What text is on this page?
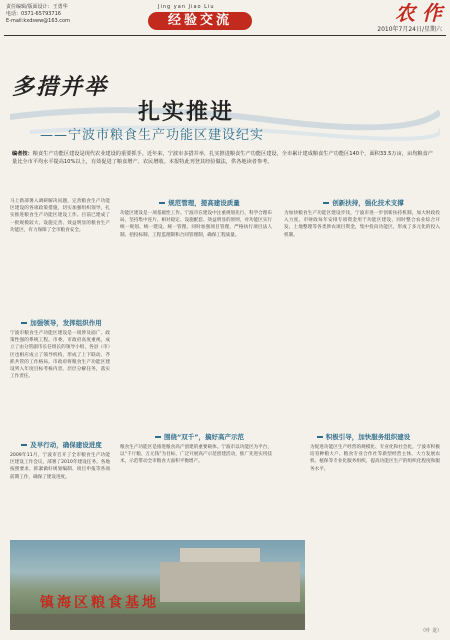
责任编辑/版面设计：王勇华
电话：0371-65793716
E-mail:kxdsww@163.com
Jing yan Jiao Liu
经验交流	农 作
2010年7月24日/星期六
多措并举
扎实推进
——宁波市粮食生产功能区建设纪实
编者按：粮食生产功能区建设是现代农业建设的重要抓手。近年来，宁波市多措并举，扎实推进粮食生产功能区建设，全市累计建成粮食生产功能区140个，面积33.5万亩，亩均粮食产量比全市平均水平提高10%以上，有效促进了粮食增产、农民增收。本报特此刊登其经验做法，供各地读者参考。
马上新部署入调研解决问题，完善粮食生产功能区建设的各项政策措施，切实加强组织领导，扎实推进粮食生产功能区建设工作。目前已建成了一批规模较大、设施完善、效益明显的粮食生产功能区，有力保障了全市粮食安全。
加强领导，发挥组织作用
宁波市粮食生产功能区建设是一项涉及面广、政策性强的系统工程。市委、市政府高度重视，成立了由分管副市长任组长的领导小组，各县（市）区也相应成立了领导机构，形成了上下联动、齐抓共管的工作格局。市政府将粮食生产功能区建设列入年度目标考核内容，层层分解任务，落实工作责任。
及早行动，确保建设进度
2009年11月，宁波市召开了全市粮食生产功能区建设工作会议，部署了2010年建设任务。各地按照要求，抓紧做好规划编制、项目申报等各项前期工作，确保了建设进度。
规范管理，提高建设质量
功能区建设是一项基础性工作。宁波市在建设中注重规划先行，科学合理布局，坚持集中连片、相对稳定、设施配套、效益明显的原则，对功能区实行统一规划、统一建设、统一管理。同时加强项目管理，严格执行项目法人制、招投标制、工程监理制和合同管理制，确保工程质量。
围绕“双千”，搞好高产示范
粮食生产功能区是推进粮食高产创建的重要载体。宁波市以功能区为平台，以“千斤粮、万元钱”为目标，广泛开展高产示范创建活动，推广先进实用技术，示范带动全市粮食大面积平衡增产。
创新扶持，强化技术支撑
为加快粮食生产功能区建设步伐，宁波市进一步创新扶持机制，加大财政投入力度。市财政每年安排专项资金用于功能区建设，同时整合农业综合开发、土地整理等各类涉农项目资金，集中投向功能区，形成了多元化的投入机制。
积极引导，加快服务组织建设
为促进功能区生产经营的规模化、专业化和社会化，宁波市积极培育种粮大户、粮食专业合作社等新型经营主体，大力发展农机、植保等专业化服务组织，提高功能区生产的组织化程度和服务水平。
镇海区粮食基地
（叶 龙）
